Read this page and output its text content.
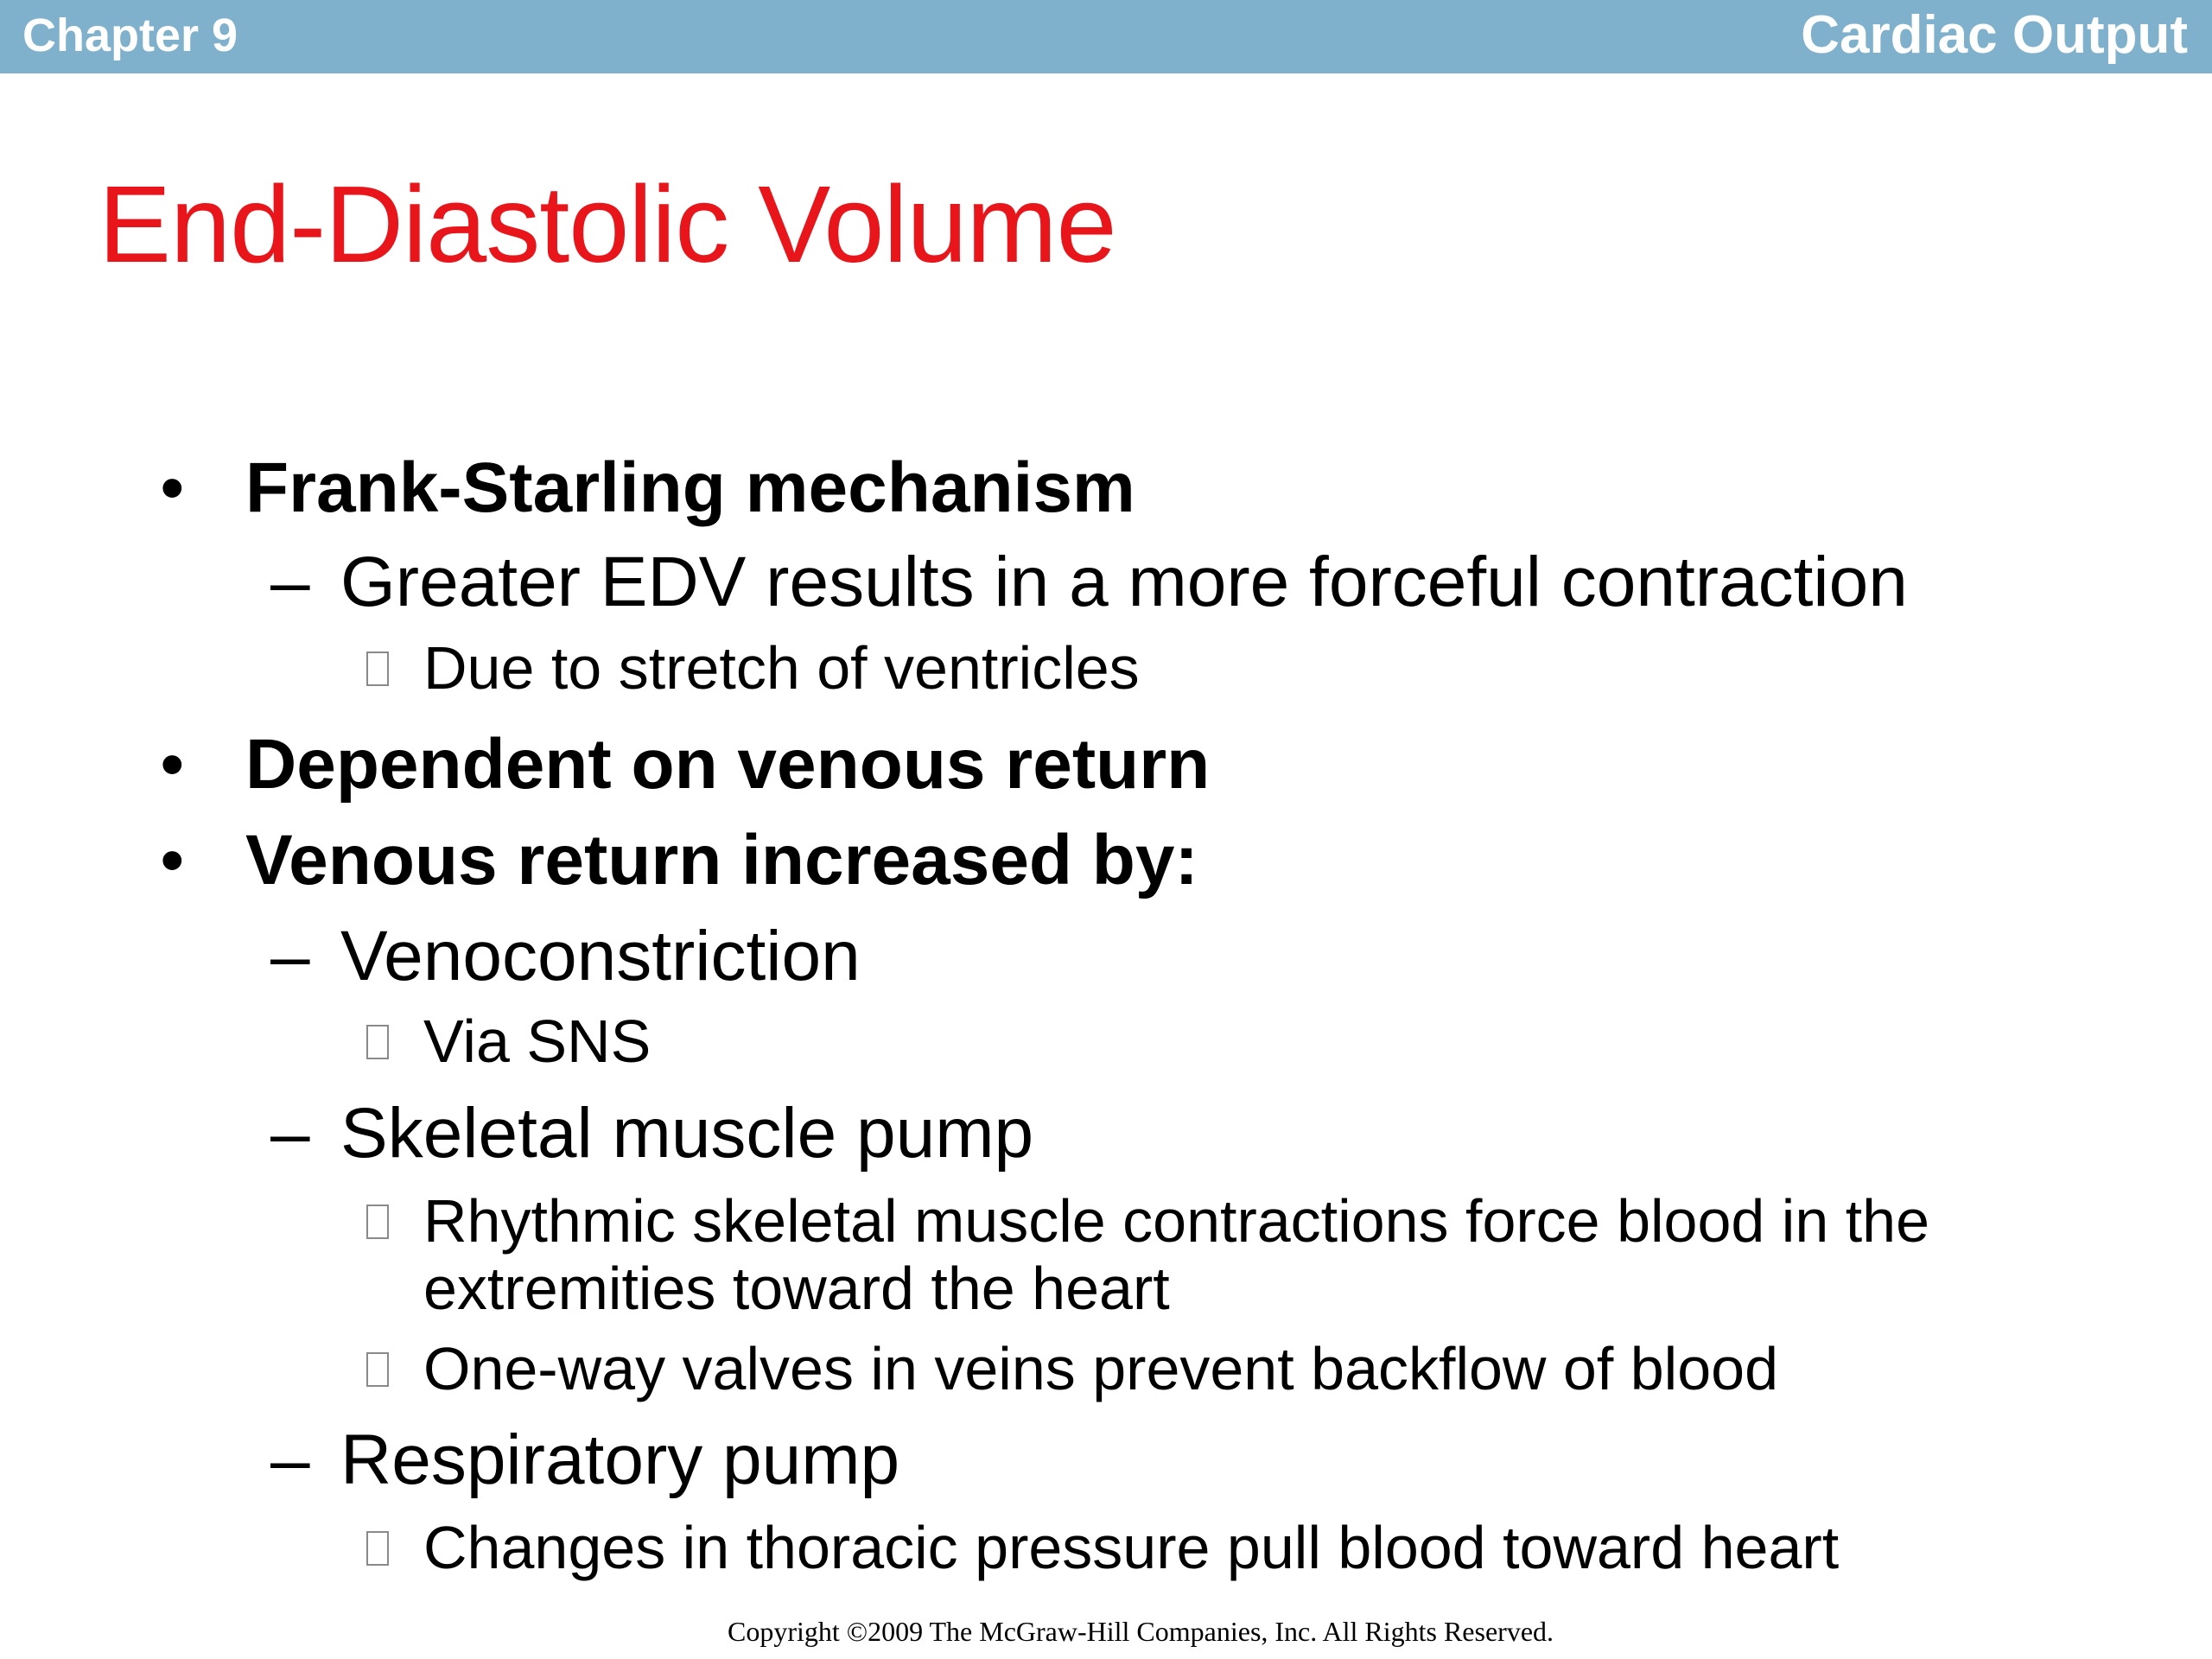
Chapter 9	Cardiac Output
End-Diastolic Volume
• Frank-Starling mechanism
– Greater EDV results in a more forceful contraction
Due to stretch of ventricles
• Dependent on venous return
• Venous return increased by:
– Venoconstriction
Via SNS
– Skeletal muscle pump
Rhythmic skeletal muscle contractions force blood in the
extremities toward the heart
One-way valves in veins prevent backflow of blood
– Respiratory pump
Changes in thoracic pressure pull blood toward heart
Copyright ©2009 The McGraw-Hill Companies, Inc. All Rights Reserved.
